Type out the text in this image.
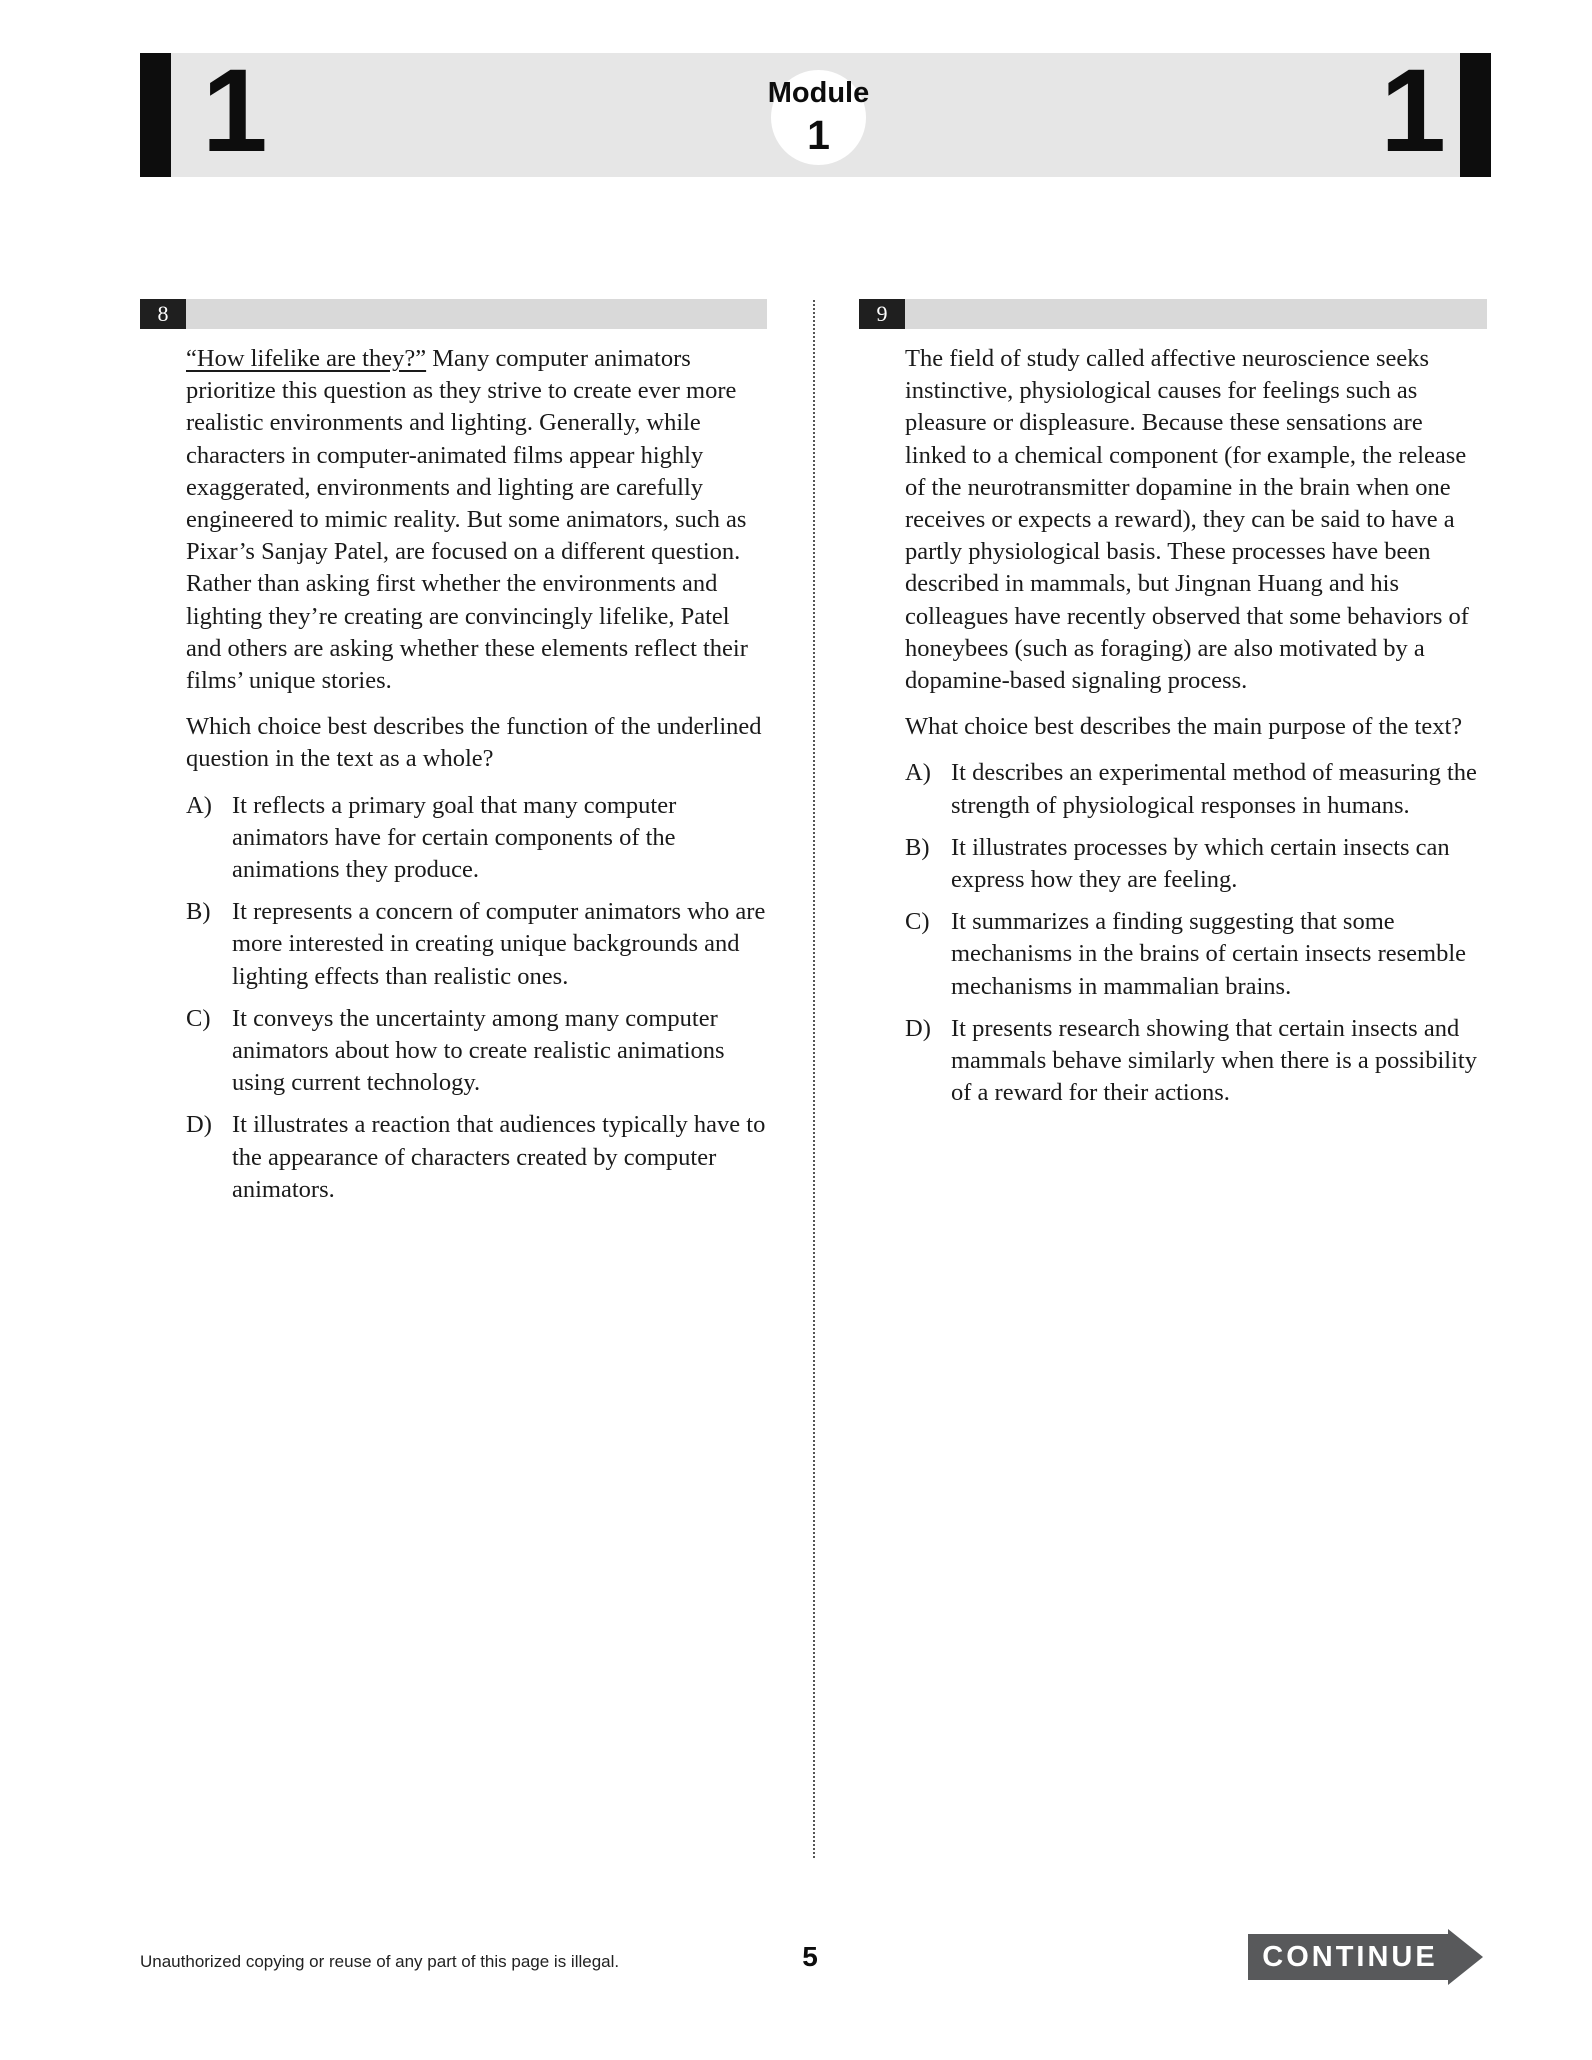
1	1
Module
1
8

“How lifelike are they?” Many computer animators prioritize this question as they strive to create ever more realistic environments and lighting. Generally, while characters in computer-animated films appear highly exaggerated, environments and lighting are carefully engineered to mimic reality. But some animators, such as Pixar’s Sanjay Patel, are focused on a different question. Rather than asking first whether the environments and lighting they’re creating are convincingly lifelike, Patel and others are asking whether these elements reflect their films’ unique stories.

Which choice best describes the function of the underlined question in the text as a whole?

A) It reflects a primary goal that many computer animators have for certain components of the animations they produce.
B) It represents a concern of computer animators who are more interested in creating unique backgrounds and lighting effects than realistic ones.
C) It conveys the uncertainty among many computer animators about how to create realistic animations using current technology.
D) It illustrates a reaction that audiences typically have to the appearance of characters created by computer animators.
9

The field of study called affective neuroscience seeks instinctive, physiological causes for feelings such as pleasure or displeasure. Because these sensations are linked to a chemical component (for example, the release of the neurotransmitter dopamine in the brain when one receives or expects a reward), they can be said to have a partly physiological basis. These processes have been described in mammals, but Jingnan Huang and his colleagues have recently observed that some behaviors of honeybees (such as foraging) are also motivated by a dopamine-based signaling process.

What choice best describes the main purpose of the text?

A) It describes an experimental method of measuring the strength of physiological responses in humans.
B) It illustrates processes by which certain insects can express how they are feeling.
C) It summarizes a finding suggesting that some mechanisms in the brains of certain insects resemble mechanisms in mammalian brains.
D) It presents research showing that certain insects and mammals behave similarly when there is a possibility of a reward for their actions.
Unauthorized copying or reuse of any part of this page is illegal.	5	CONTINUE
